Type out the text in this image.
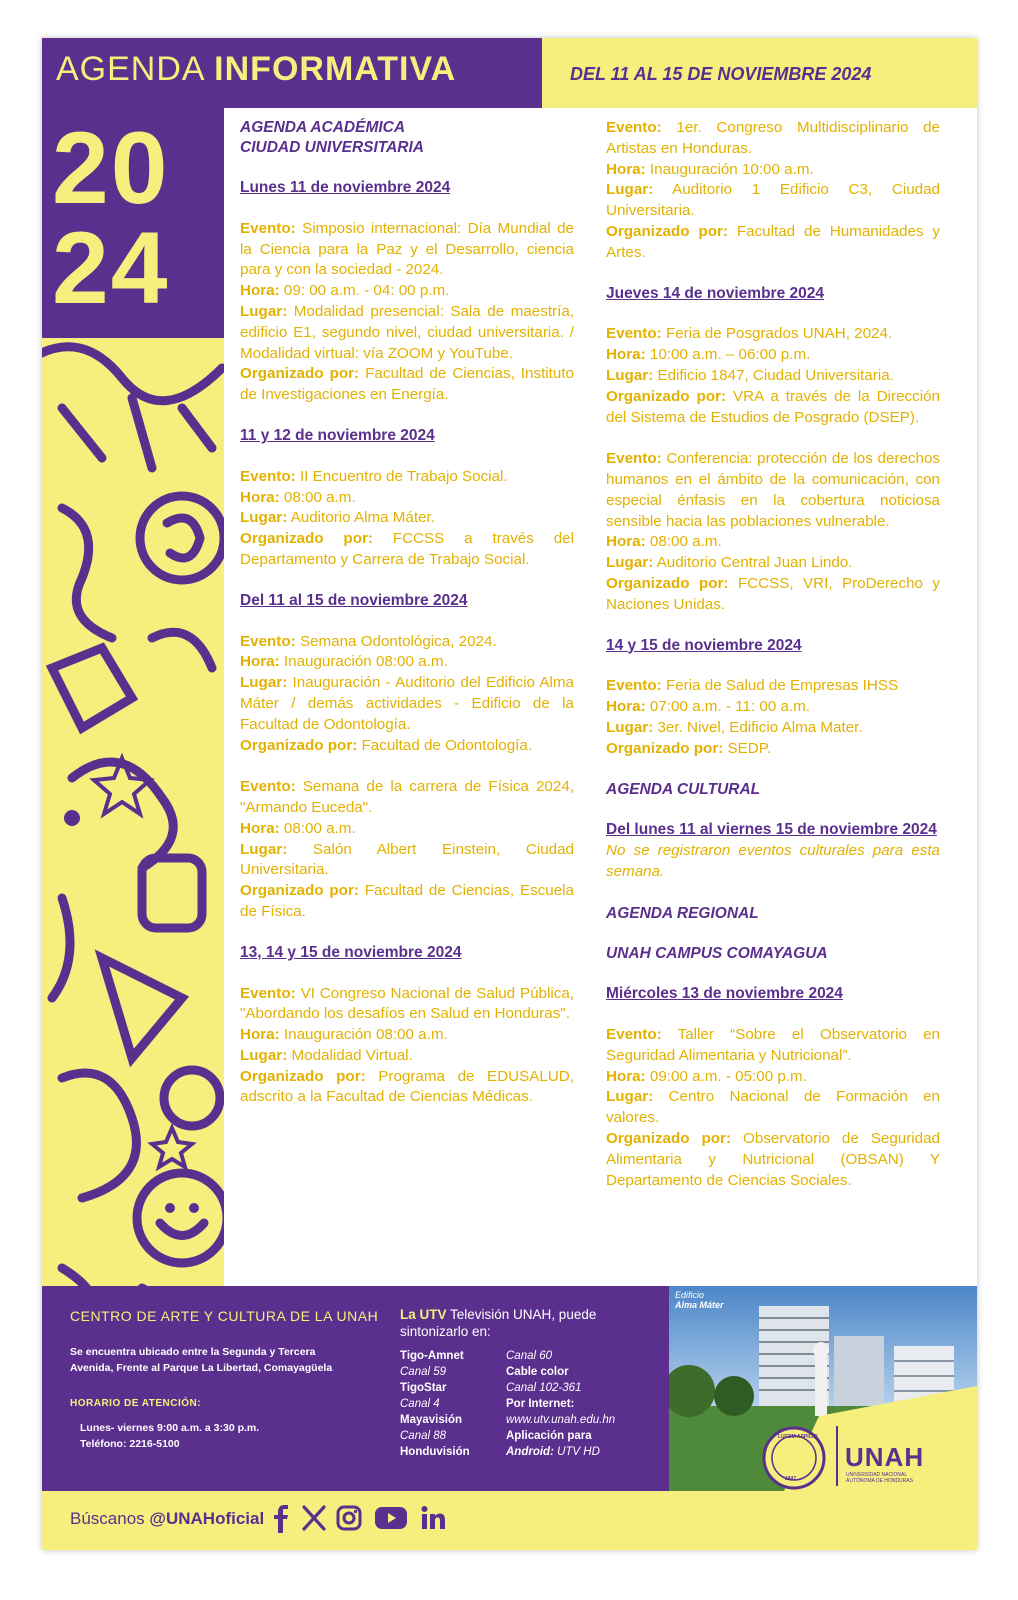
AGENDA INFORMATIVA	DEL 11 AL 15 DE NOVIEMBRE 2024
20
24
AGENDA ACADÉMICA
CIUDAD UNIVERSITARIA
Lunes 11 de noviembre 2024

Evento: Simposio internacional: Día Mundial de la Ciencia para la Paz y el Desarrollo, ciencia para y con la sociedad - 2024.

Hora: 09: 00 a.m. - 04: 00 p.m.

Lugar: Modalidad presencial: Sala de maestría, edificio E1, segundo nivel, ciudad universitaria. / Modalidad virtual: vía ZOOM y YouTube.

Organizado por: Facultad de Ciencias, Instituto de Investigaciones en Energía.

11 y 12 de noviembre 2024

Evento: II Encuentro de Trabajo Social.

Hora: 08:00 a.m.

Lugar: Auditorio Alma Máter.

Organizado por: FCCSS a través del Departamento y Carrera de Trabajo Social.

Del 11 al 15 de noviembre 2024

Evento: Semana Odontológica, 2024.

Hora: Inauguración 08:00 a.m.

Lugar: Inauguración - Auditorio del Edificio Alma Máter / demás actividades - Edificio de la Facultad de Odontología.

Organizado por: Facultad de Odontología.

Evento: Semana de la carrera de Física 2024, "Armando Euceda".

Hora: 08:00 a.m.

Lugar: Salón Albert Einstein, Ciudad Universitaria.

Organizado por: Facultad de Ciencias, Escuela de Física.

13, 14 y 15 de noviembre 2024

Evento: VI Congreso Nacional de Salud Pública, "Abordando los desafíos en Salud en Honduras".

Hora: Inauguración 08:00 a.m.

Lugar: Modalidad Virtual.

Organizado por: Programa de EDUSALUD, adscrito a la Facultad de Ciencias Médicas.

Evento: 1er. Congreso Multidisciplinario de Artistas en Honduras.

Hora: Inauguración 10:00 a.m.

Lugar: Auditorio 1 Edificio C3, Ciudad Universitaria.

Organizado por: Facultad de Humanidades y Artes.

Jueves 14 de noviembre 2024

Evento: Feria de Posgrados UNAH, 2024.

Hora: 10:00 a.m. – 06:00 p.m.

Lugar: Edificio 1847, Ciudad Universitaria.

Organizado por: VRA a través de la Dirección del Sistema de Estudios de Posgrado (DSEP).

Evento: Conferencia: protección de los derechos humanos en el ámbito de la comunicación, con especial énfasis en la cobertura noticiosa sensible hacia las poblaciones vulnerable.

Hora: 08:00 a.m.

Lugar: Auditorio Central Juan Lindo.

Organizado por: FCCSS, VRI, ProDerecho y Naciones Unidas.

14 y 15 de noviembre 2024

Evento: Feria de Salud de Empresas IHSS

Hora: 07:00 a.m. - 11: 00 a.m.

Lugar: 3er. Nivel, Edificio Alma Mater.

Organizado por: SEDP.

AGENDA CULTURAL
Del lunes 11 al viernes 15 de noviembre 2024

No se registraron eventos culturales para esta semana.

AGENDA REGIONAL
UNAH CAMPUS COMAYAGUA
Miércoles 13 de noviembre 2024

Evento: Taller “Sobre el Observatorio en Seguridad Alimentaria y Nutricional”.

Hora: 09:00 a.m. - 05:00 p.m.

Lugar: Centro Nacional de Formación en valores.

Organizado por: Observatorio de Seguridad Alimentaria y Nutricional (OBSAN) Y Departamento de Ciencias Sociales.

CENTRO DE ARTE Y CULTURA DE LA UNAH
Se encuentra ubicado entre la Segunda y Tercera
Avenida, Frente al Parque La Libertad, Comayagüela
HORARIO DE ATENCIÓN:
Lunes- viernes 9:00 a.m. a 3:30 p.m.
Teléfono: 2216-5100
La UTV Televisión UNAH, puede
sintonizarlo en:
Tigo-Amnet
Canal 59
TigoStar
Canal 4
Mayavisión
Canal 88
Honduvisión
Canal 60
Cable color
Canal 102-361
Por Internet:
www.utv.unah.edu.hn
Aplicación para
Android: UTV HD
Edificio
Alma Máter
LUCEM ASPICIO
1847
UNAH
UNIVERSIDAD NACIONAL
AUTÓNOMA DE HONDURAS
Búscanos @UNAHoficial
